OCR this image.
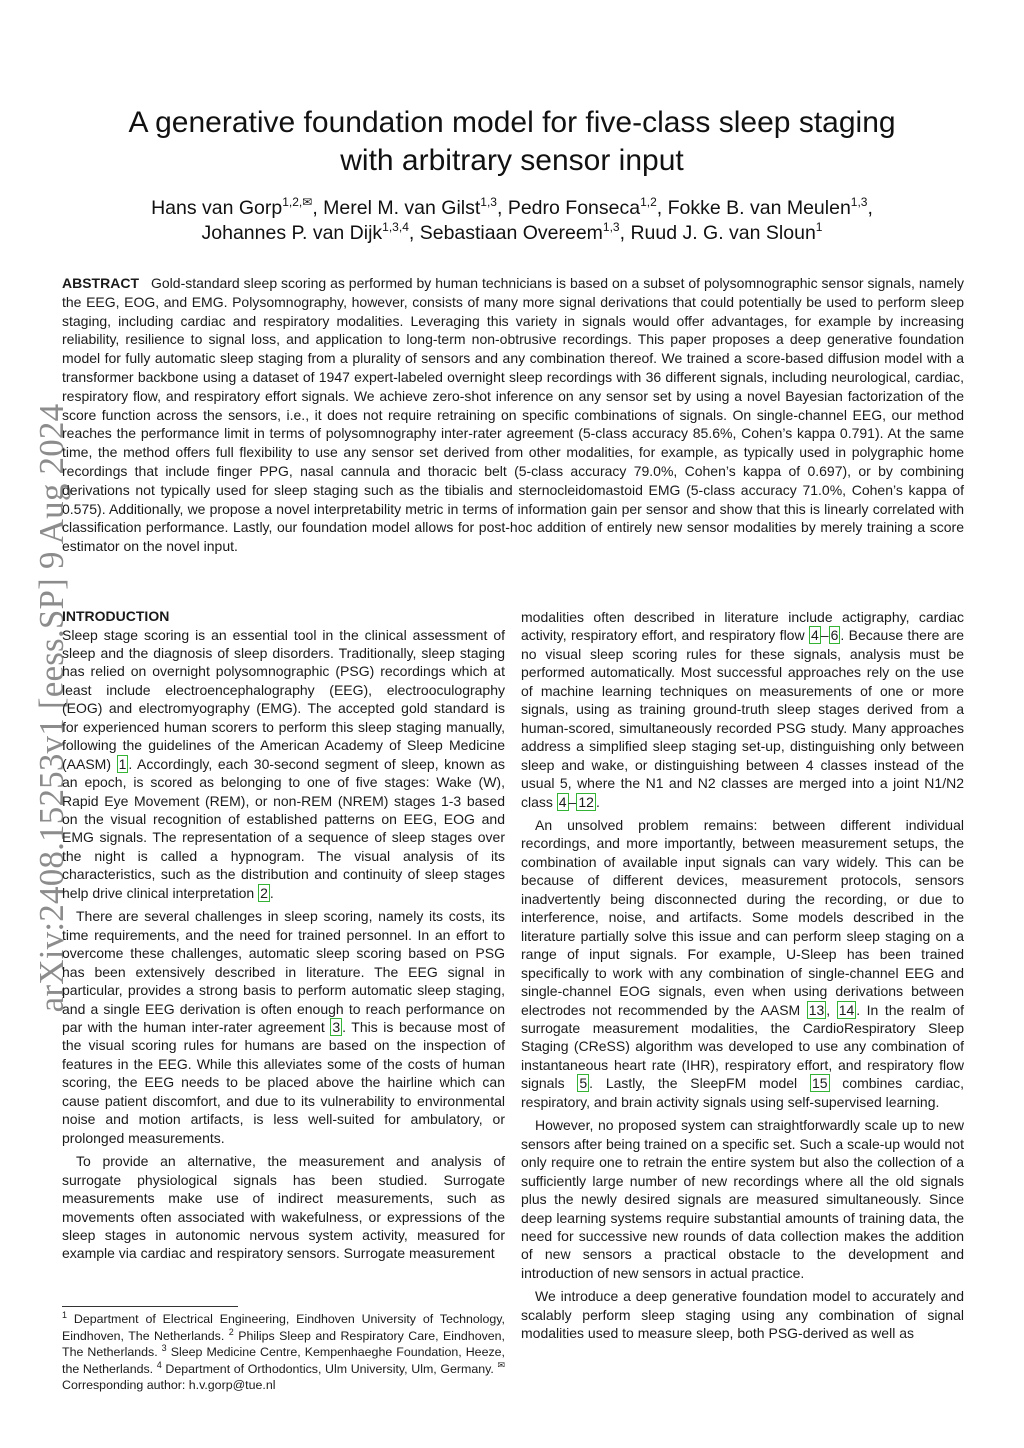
arXiv:2408.15253v1 [eess.SP] 9 Aug 2024
A generative foundation model for five-class sleep staging
with arbitrary sensor input
Hans van Gorp$^{1,2,✉}$, Merel M. van Gilst$^{1,3}$, Pedro Fonseca$^{1,2}$, Fokke B. van Meulen$^{1,3}$,
Johannes P. van Dijk$^{1,3,4}$, Sebastiaan Overeem$^{1,3}$, Ruud J. G. van Sloun$^1$
ABSTRACT Gold-standard sleep scoring as performed by human technicians is based on a subset of polysomnographic sensor signals, namely the EEG, EOG, and EMG. Polysomnography, however, consists of many more signal derivations that could potentially be used to perform sleep staging, including cardiac and respiratory modalities. Leveraging this variety in signals would offer advantages, for example by increasing reliability, resilience to signal loss, and application to long-term non-obtrusive recordings. This paper proposes a deep generative foundation model for fully automatic sleep staging from a plurality of sensors and any combination thereof. We trained a score-based diffusion model with a transformer backbone using a dataset of 1947 expert-labeled overnight sleep recordings with 36 different signals, including neurological, cardiac, respiratory flow, and respiratory effort signals. We achieve zero-shot inference on any sensor set by using a novel Bayesian factorization of the score function across the sensors, i.e., it does not require retraining on specific combinations of signals. On single-channel EEG, our method reaches the performance limit in terms of polysomnography inter-rater agreement (5-class accuracy 85.6%, Cohen’s kappa 0.791). At the same time, the method offers full flexibility to use any sensor set derived from other modalities, for example, as typically used in polygraphic home recordings that include finger PPG, nasal cannula and thoracic belt (5-class accuracy 79.0%, Cohen’s kappa of 0.697), or by combining derivations not typically used for sleep staging such as the tibialis and sternocleidomastoid EMG (5-class accuracy 71.0%, Cohen’s kappa of 0.575). Additionally, we propose a novel interpretability metric in terms of information gain per sensor and show that this is linearly correlated with classification performance. Lastly, our foundation model allows for post-hoc addition of entirely new sensor modalities by merely training a score estimator on the novel input.
INTRODUCTION

Sleep stage scoring is an essential tool in the clinical assessment of sleep and the diagnosis of sleep disorders. Traditionally, sleep staging has relied on overnight polysomnographic (PSG) recordings which at least include electroencephalography (EEG), electrooculography (EOG) and electromyography (EMG). The accepted gold standard is for experienced human scorers to perform this sleep staging manually, following the guidelines of the American Academy of Sleep Medicine (AASM) 1 . Accordingly, each 30-second segment of sleep, known as an epoch, is scored as belonging to one of five stages: Wake (W), Rapid Eye Movement (REM), or non-REM (NREM) stages 1-3 based on the visual recognition of established patterns on EEG, EOG and EMG signals. The representation of a sequence of sleep stages over the night is called a hypnogram. The visual analysis of its characteristics, such as the distribution and continuity of sleep stages help drive clinical interpretation 2 .

There are several challenges in sleep scoring, namely its costs, its time requirements, and the need for trained personnel. In an effort to overcome these challenges, automatic sleep scoring based on PSG has been extensively described in literature. The EEG signal in particular, provides a strong basis to perform automatic sleep staging, and a single EEG derivation is often enough to reach performance on par with the human inter-rater agreement 3 . This is because most of the visual scoring rules for humans are based on the inspection of features in the EEG. While this alleviates some of the costs of human scoring, the EEG needs to be placed above the hairline which can cause patient discomfort, and due to its vulnerability to environmental noise and motion artifacts, is less well-suited for ambulatory, or prolonged measurements.

To provide an alternative, the measurement and analysis of surrogate physiological signals has been studied. Surrogate measurements make use of indirect measurements, such as movements often associated with wakefulness, or expressions of the sleep stages in autonomic nervous system activity, measured for example via cardiac and respiratory sensors. Surrogate measurement

modalities often described in literature include actigraphy, cardiac activity, respiratory effort, and respiratory flow 4 – 6 . Because there are no visual sleep scoring rules for these signals, analysis must be performed automatically. Most successful approaches rely on the use of machine learning techniques on measurements of one or more signals, using as training ground-truth sleep stages derived from a human-scored, simultaneously recorded PSG study. Many approaches address a simplified sleep staging set-up, distinguishing only between sleep and wake, or distinguishing between 4 classes instead of the usual 5, where the N1 and N2 classes are merged into a joint N1/N2 class 4 – 12 .

An unsolved problem remains: between different individual recordings, and more importantly, between measurement setups, the combination of available input signals can vary widely. This can be because of different devices, measurement protocols, sensors inadvertently being disconnected during the recording, or due to interference, noise, and artifacts. Some models described in the literature partially solve this issue and can perform sleep staging on a range of input signals. For example, U-Sleep has been trained specifically to work with any combination of single-channel EEG and single-channel EOG signals, even when using derivations between electrodes not recommended by the AASM 13 , 14 . In the realm of surrogate measurement modalities, the CardioRespiratory Sleep Staging (CReSS) algorithm was developed to use any combination of instantaneous heart rate (IHR), respiratory effort, and respiratory flow signals 5 . Lastly, the SleepFM model 15 combines cardiac, respiratory, and brain activity signals using self-supervised learning.

However, no proposed system can straightforwardly scale up to new sensors after being trained on a specific set. Such a scale-up would not only require one to retrain the entire system but also the collection of a sufficiently large number of new recordings where all the old signals plus the newly desired signals are measured simultaneously. Since deep learning systems require substantial amounts of training data, the need for successive new rounds of data collection makes the addition of new sensors a practical obstacle to the development and introduction of new sensors in actual practice.

We introduce a deep generative foundation model to accurately and scalably perform sleep staging using any combination of signal modalities used to measure sleep, both PSG-derived as well as

$^1$ Department of Electrical Engineering, Eindhoven University of Technology, Eindhoven, The Netherlands. $^2$ Philips Sleep and Respiratory Care, Eindhoven, The Netherlands. $^3$ Sleep Medicine Centre, Kempenhaeghe Foundation, Heeze, the Netherlands. $^4$ Department of Orthodontics, Ulm University, Ulm, Germany. ✉ Corresponding author: h.v.gorp@tue.nl
